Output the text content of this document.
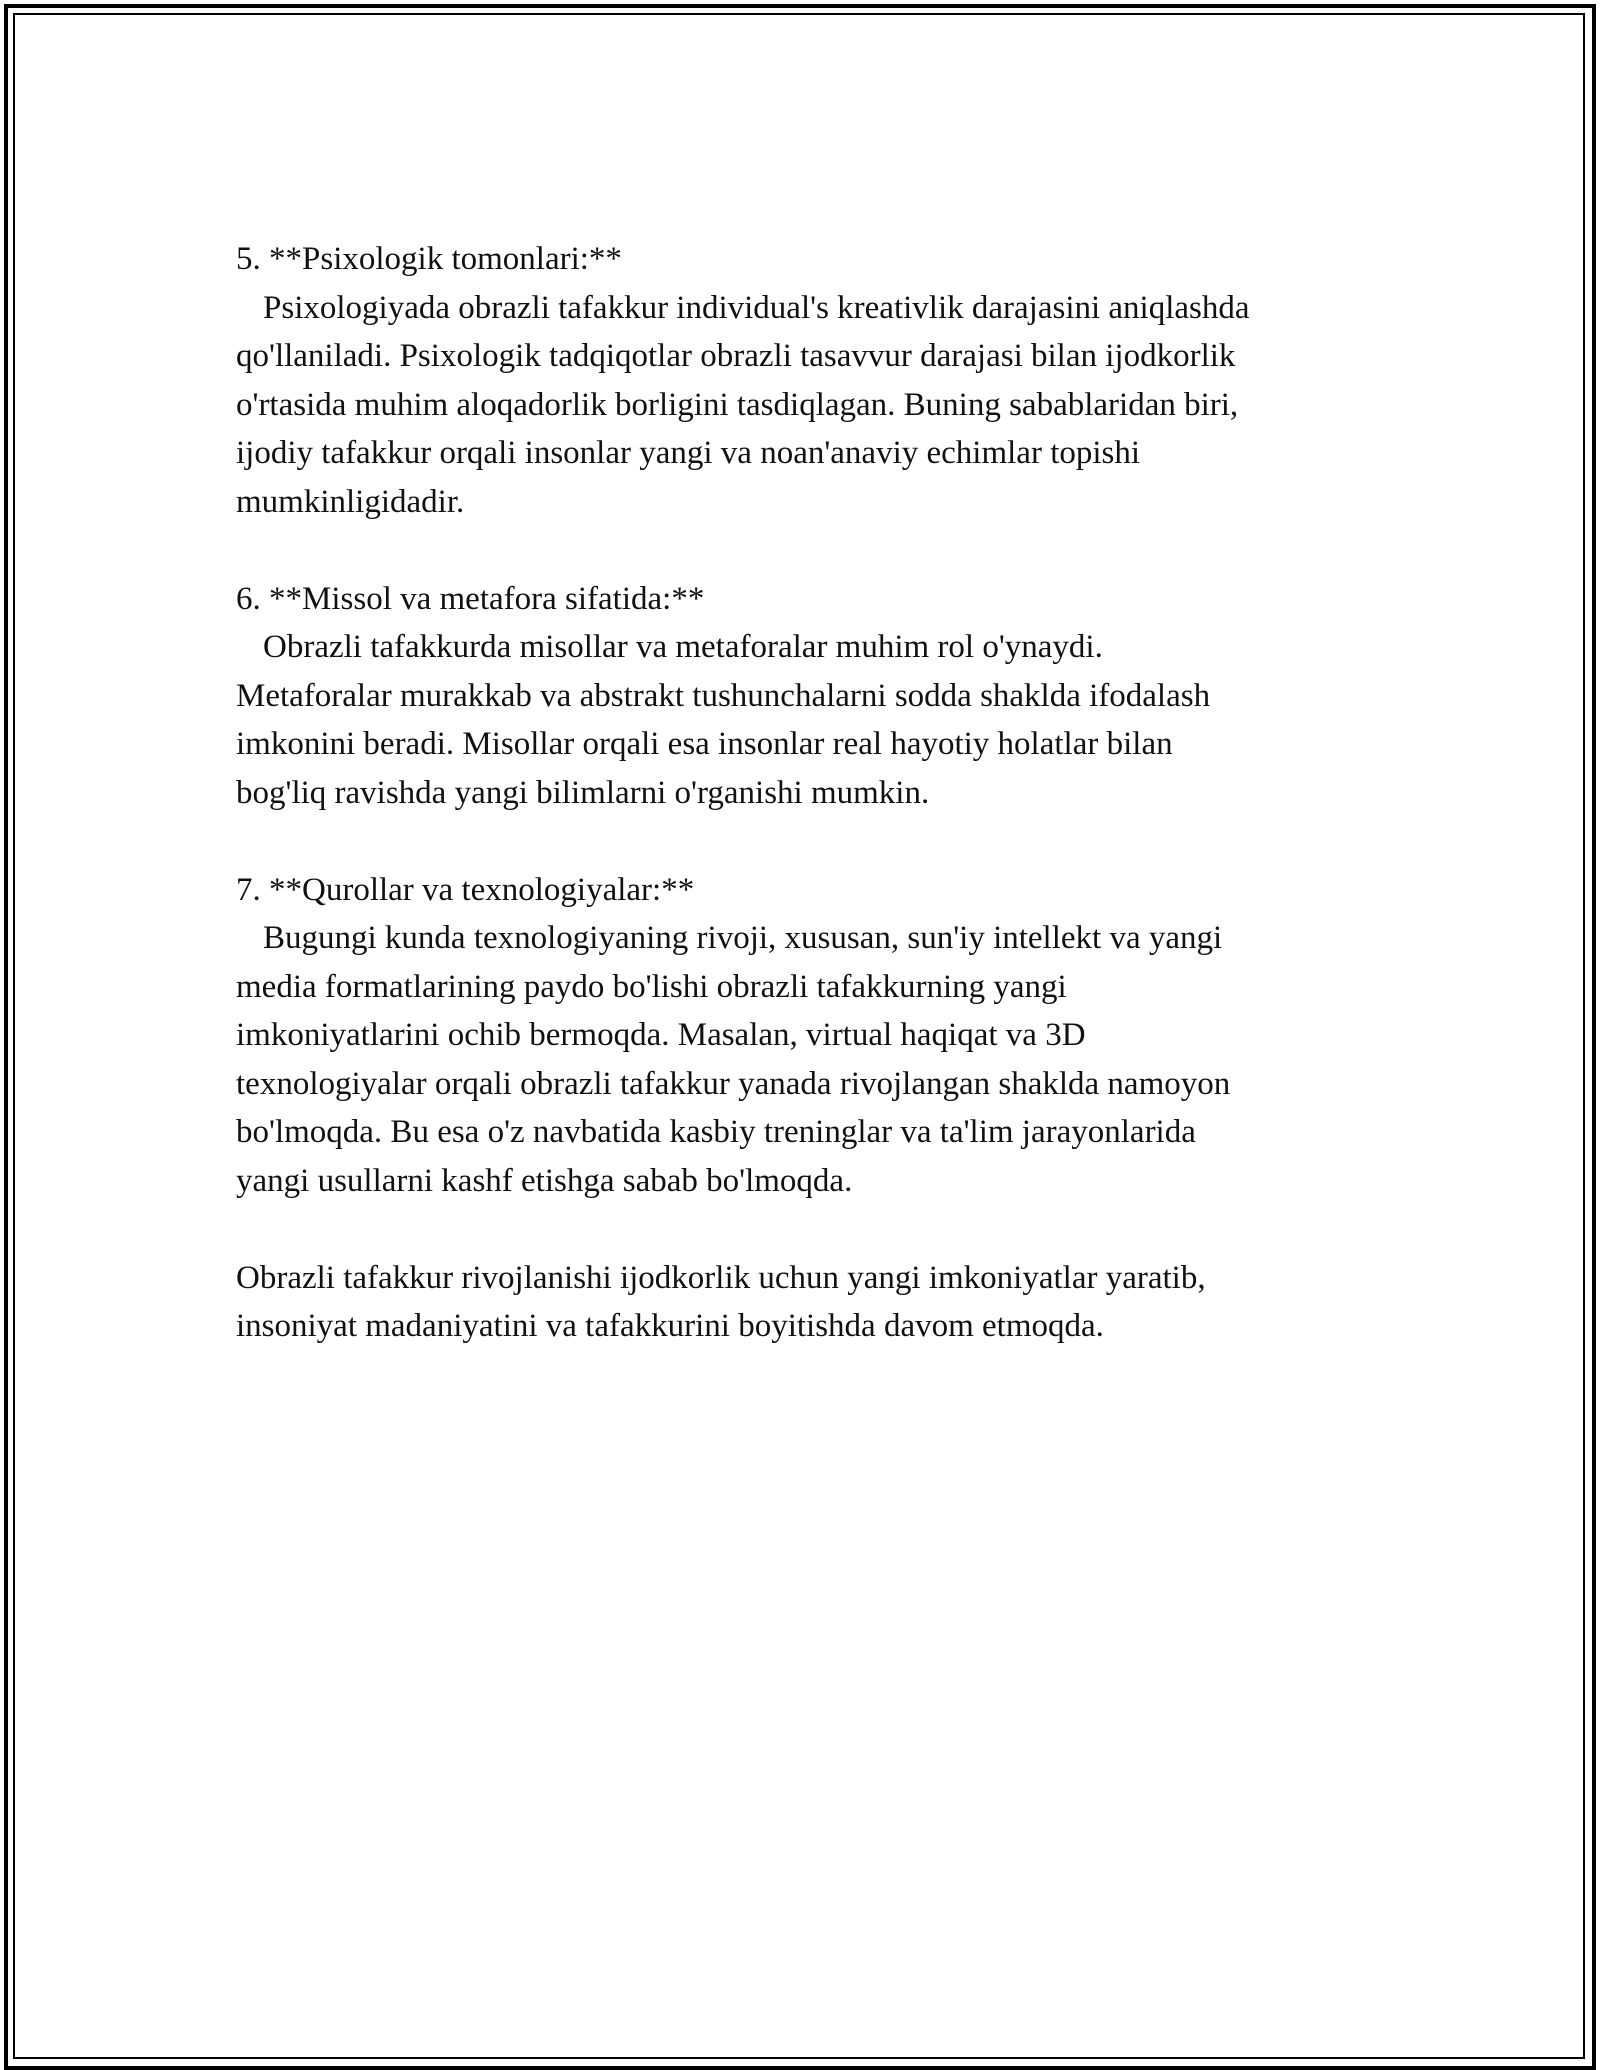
5. **Psixologik tomonlari:**

Psixologiyada obrazli tafakkur individual's kreativlik darajasini aniqlashda

qo'llaniladi. Psixologik tadqiqotlar obrazli tasavvur darajasi bilan ijodkorlik
o'rtasida muhim aloqadorlik borligini tasdiqlagan. Buning sabablaridan biri,
ijodiy tafakkur orqali insonlar yangi va noan'anaviy echimlar topishi
mumkinligidadir.

6. **Missol va metafora sifatida:**

Obrazli tafakkurda misollar va metaforalar muhim rol o'ynaydi.

Metaforalar murakkab va abstrakt tushunchalarni sodda shaklda ifodalash
imkonini beradi. Misollar orqali esa insonlar real hayotiy holatlar bilan
bog'liq ravishda yangi bilimlarni o'rganishi mumkin.

7. **Qurollar va texnologiyalar:**

Bugungi kunda texnologiyaning rivoji, xususan, sun'iy intellekt va yangi

media formatlarining paydo bo'lishi obrazli tafakkurning yangi
imkoniyatlarini ochib bermoqda. Masalan, virtual haqiqat va 3D
texnologiyalar orqali obrazli tafakkur yanada rivojlangan shaklda namoyon
bo'lmoqda. Bu esa o'z navbatida kasbiy treninglar va ta'lim jarayonlarida
yangi usullarni kashf etishga sabab bo'lmoqda.

Obrazli tafakkur rivojlanishi ijodkorlik uchun yangi imkoniyatlar yaratib,
insoniyat madaniyatini va tafakkurini boyitishda davom etmoqda.
